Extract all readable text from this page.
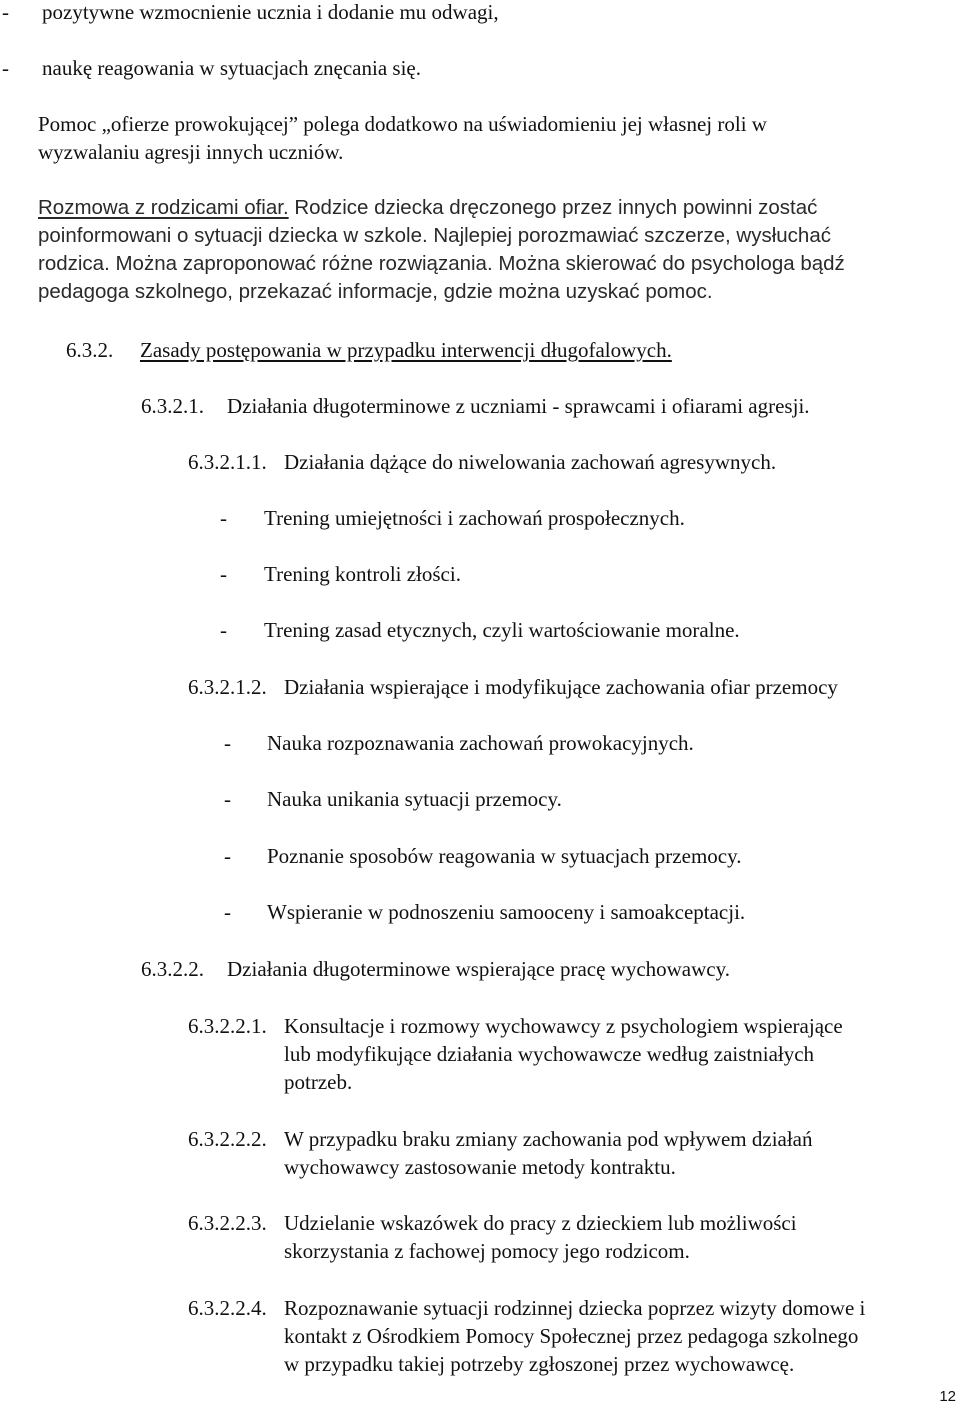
- pozytywne wzmocnienie ucznia i dodanie mu odwagi,
- naukę reagowania w sytuacjach znęcania się.
Pomoc „ofierze prowokującej” polega dodatkowo na uświadomieniu jej własnej roli w
wyzwalaniu agresji innych uczniów.
Rozmowa z rodzicami ofiar. Rodzice dziecka dręczonego przez innych powinni zostać
poinformowani o sytuacji dziecka w szkole. Najlepiej porozmawiać szczerze, wysłuchać
rodzica. Można zaproponować różne rozwiązania. Można skierować do psychologa bądź
pedagoga szkolnego, przekazać informacje, gdzie można uzyskać pomoc.
6.3.2. Zasady postępowania w przypadku interwencji długofalowych.
6.3.2.1. Działania długoterminowe z uczniami - sprawcami i ofiarami agresji.
6.3.2.1.1. Działania dążące do niwelowania zachowań agresywnych.
- Trening umiejętności i zachowań prospołecznych.
- Trening kontroli złości.
- Trening zasad etycznych, czyli wartościowanie moralne.
6.3.2.1.2. Działania wspierające i modyfikujące zachowania ofiar przemocy
- Nauka rozpoznawania zachowań prowokacyjnych.
- Nauka unikania sytuacji przemocy.
- Poznanie sposobów reagowania w sytuacjach przemocy.
- Wspieranie w podnoszeniu samooceny i samoakceptacji.
6.3.2.2. Działania długoterminowe wspierające pracę wychowawcy.
6.3.2.2.1. Konsultacje i rozmowy wychowawcy z psychologiem wspierające
lub modyfikujące działania wychowawcze według zaistniałych
potrzeb.
6.3.2.2.2. W przypadku braku zmiany zachowania pod wpływem działań
wychowawcy zastosowanie metody kontraktu.
6.3.2.2.3. Udzielanie wskazówek do pracy z dzieckiem lub możliwości
skorzystania z fachowej pomocy jego rodzicom.
6.3.2.2.4. Rozpoznawanie sytuacji rodzinnej dziecka poprzez wizyty domowe i
kontakt z Ośrodkiem Pomocy Społecznej przez pedagoga szkolnego
w przypadku takiej potrzeby zgłoszonej przez wychowawcę.
12
